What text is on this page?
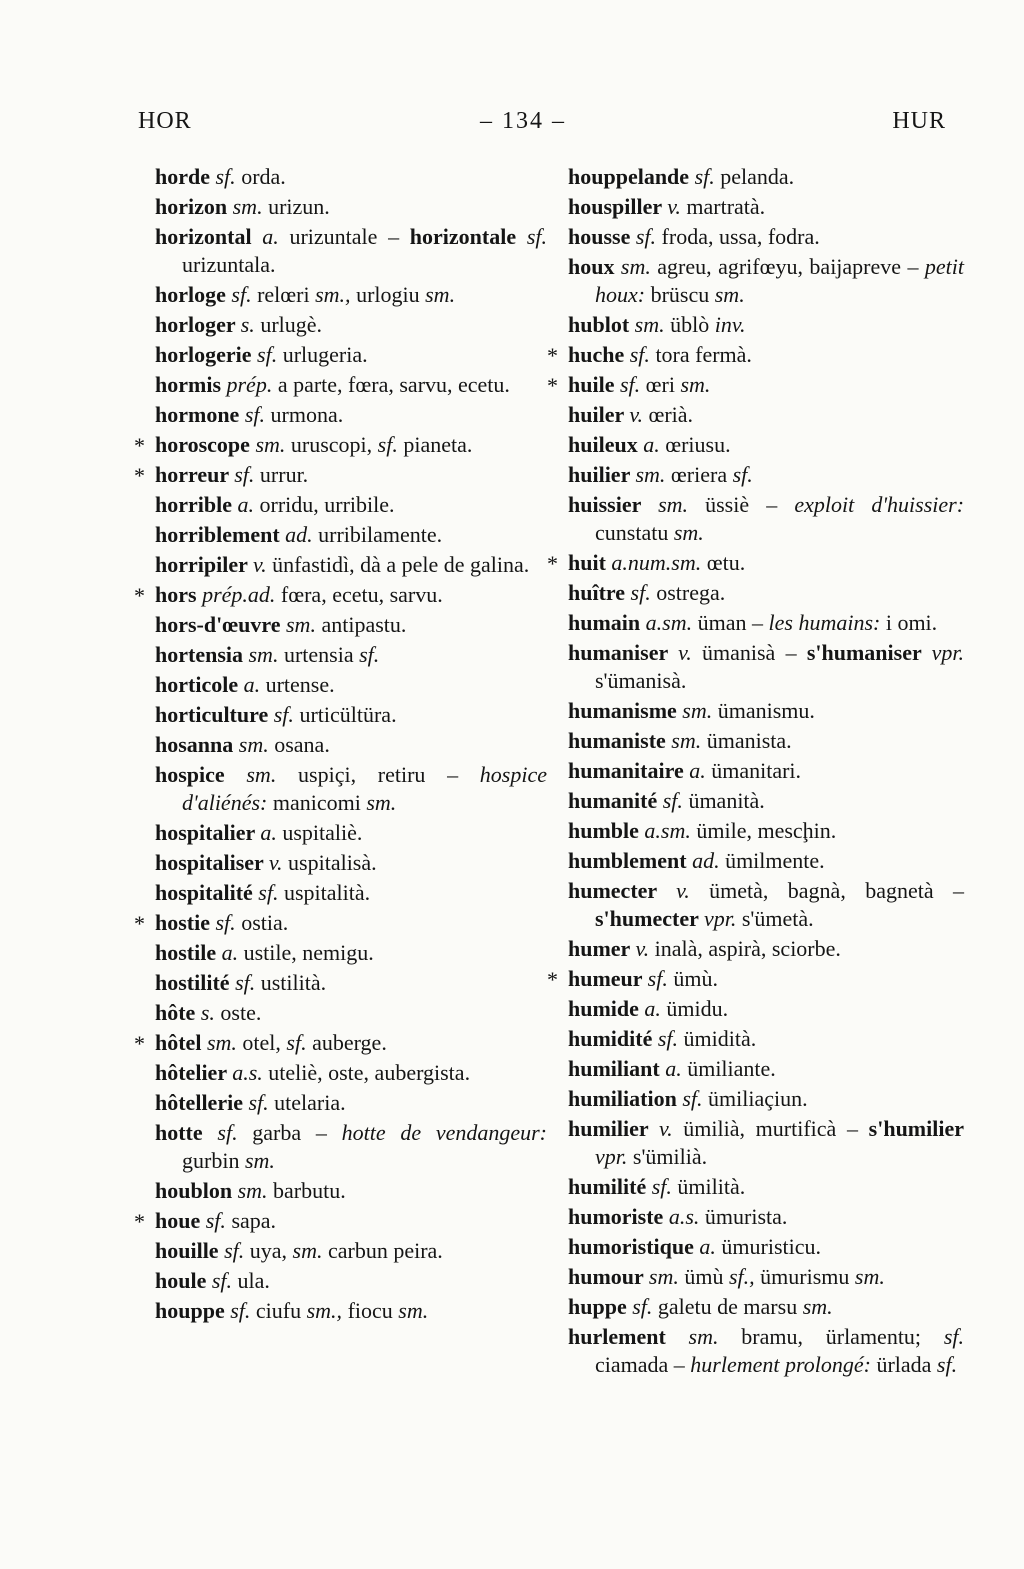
HOR	– 134 –	HUR

horde sf. orda.

horizon sm. urizun.

horizontal a. urizuntale – horizontale sf. urizuntala.

horloge sf. relœri sm., urlogiu sm.

horloger s. urlugè.

horlogerie sf. urlugeria.

hormis prép. a parte, fœra, sarvu, ecetu.

hormone sf. urmona.

* horoscope sm. uruscopi, sf. pianeta.

* horreur sf. urrur.

horrible a. orridu, urribile.

horriblement ad. urribilamente.

horripiler v. ünfastidì, dà a pele de galina.

* hors prép.ad. fœra, ecetu, sarvu.

hors-d'œuvre sm. antipastu.

hortensia sm. urtensia sf.

horticole a. urtense.

horticulture sf. urticültüra.

hosanna sm. osana.

hospice sm. uspiçi, retiru – hospice d'aliénés: manicomi sm.

hospitalier a. uspitaliè.

hospitaliser v. uspitalisà.

hospitalité sf. uspitalità.

* hostie sf. ostia.

hostile a. ustile, nemigu.

hostilité sf. ustilità.

hôte s. oste.

* hôtel sm. otel, sf. auberge.

hôtelier a.s. uteliè, oste, aubergista.

hôtellerie sf. utelaria.

hotte sf. garba – hotte de vendangeur: gurbin sm.

houblon sm. barbutu.

* houe sf. sapa.

houille sf. uya, sm. carbun peira.

houle sf. ula.

houppe sf. ciufu sm., fiocu sm.

houppelande sf. pelanda.

houspiller v. martratà.

housse sf. froda, ussa, fodra.

houx sm. agreu, agrifœyu, baijapreve – petit houx: brüscu sm.

hublot sm. üblò inv.

* huche sf. tora fermà.

* huile sf. œri sm.

huiler v. œrià.

huileux a. œriusu.

huilier sm. œriera sf.

huissier sm. üssiè – exploit d'huissier: cunstatu sm.

* huit a.num.sm. œtu.

huître sf. ostrega.

humain a.sm. üman – les humains: i omi.

humaniser v. ümanisà – s'humaniser vpr. s'ümanisà.

humanisme sm. ümanismu.

humaniste sm. ümanista.

humanitaire a. ümanitari.

humanité sf. ümanità.

humble a.sm. ümile, mescḩin.

humblement ad. ümilmente.

humecter v. ümetà, bagnà, bagnetà – s'humecter vpr. s'ümetà.

humer v. inalà, aspirà, sciorbe.

* humeur sf. ümù.

humide a. ümidu.

humidité sf. ümidità.

humiliant a. ümiliante.

humiliation sf. ümiliaçiun.

humilier v. ümilià, murtificà – s'humilier vpr. s'ümilià.

humilité sf. ümilità.

humoriste a.s. ümurista.

humoristique a. ümuristicu.

humour sm. ümù sf., ümurismu sm.

huppe sf. galetu de marsu sm.

hurlement sm. bramu, ürlamentu; sf. ciamada – hurlement prolongé: ürlada sf.
